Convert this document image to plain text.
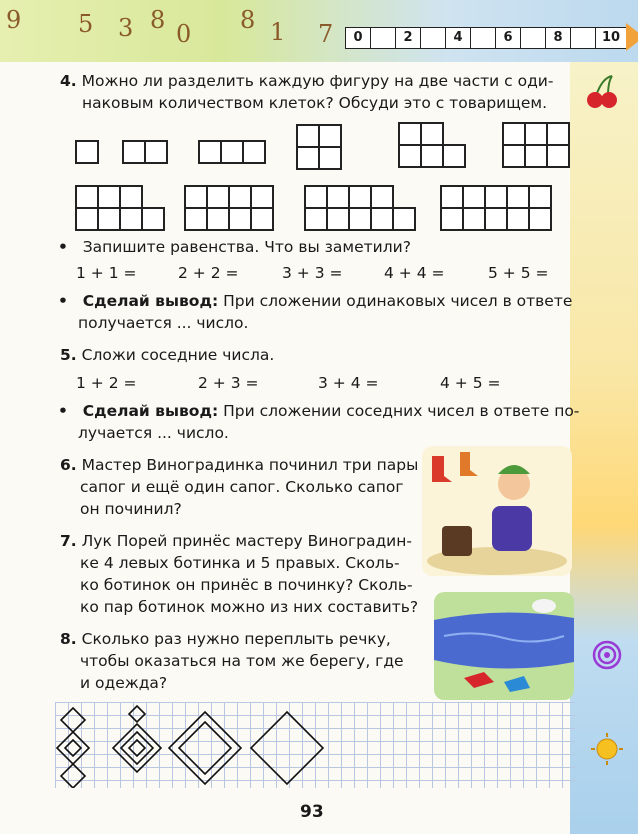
9 5 8
3 0 8 1 7	0	2	4	6	8	10
4. Можно ли разделить каждую фигуру на две части с оди-
наковым количеством клеток? Обсуди это с товарищем.
• Запишите равенства. Что вы заметили?
1 + 1 =	2 + 2 =	3 + 3 =	4 + 4 =	5 + 5 =
• Сделай вывод: При сложении одинаковых чисел в ответе
получается ... число.
5. Сложи соседние числа.
1 + 2 =	2 + 3 =	3 + 4 =	4 + 5 =
• Сделай вывод: При сложении соседних чисел в ответе по-
лучается ... число.
6. Мастер Виноградинка починил три пары
сапог и ещё один сапог. Сколько сапог
он починил?
7. Лук Порей принёс мастеру Виноградин-
ке 4 левых ботинка и 5 правых. Сколь-
ко ботинок он принёс в починку? Сколь-
ко пар ботинок можно из них составить?
8. Сколько раз нужно переплыть речку,
чтобы оказаться на том же берегу, где
и одежда?
93
